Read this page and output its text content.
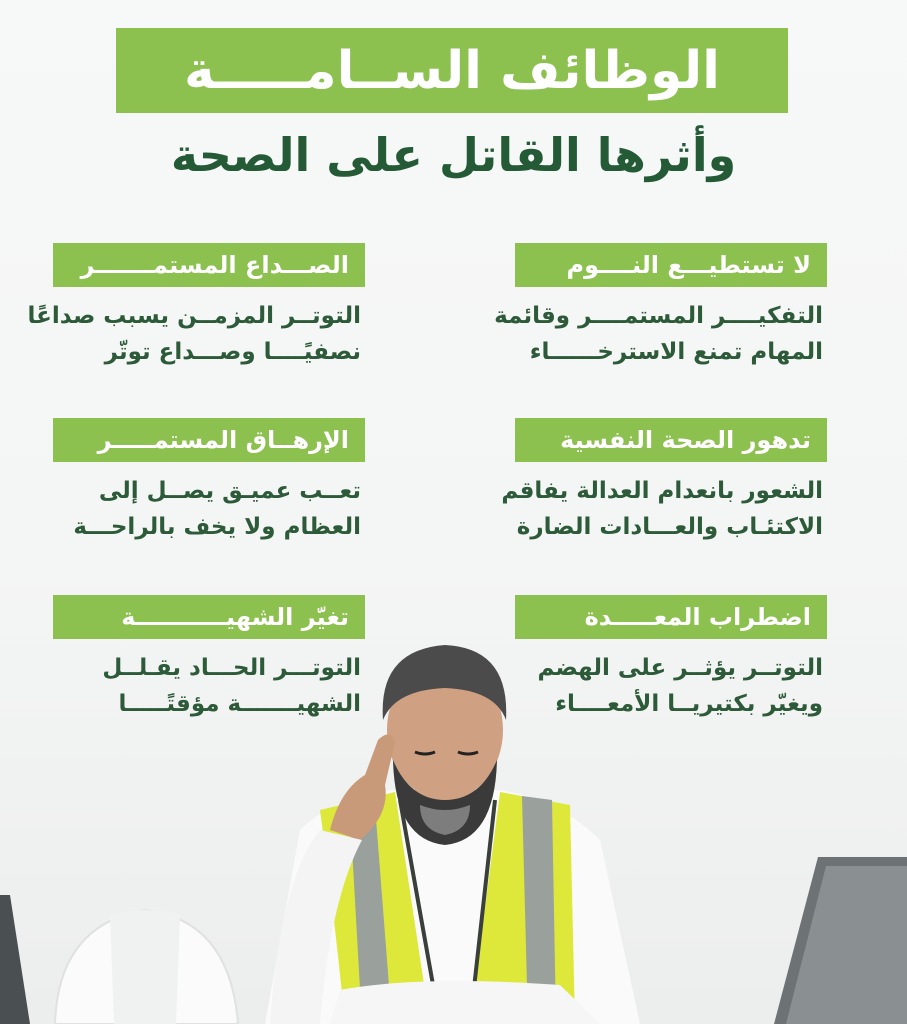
الوظائف الســامـــــة
وأثرها القاتل على الصحة
لا تستطيـــع النــــوم
التفكيــــر المستمــــر وقائمة
المهام تمنع الاسترخــــــاء
تدهور الصحة النفسية
الشعور بانعدام العدالة يفاقم
الاكتئـاب والعـــادات الضارة
اضطراب المعـــــدة
التوتــر يؤثــر على الهضم
ويغيّر بكتيريــا الأمعــــاء
الصـــداع المستمـــــــر
التوتــر المزمــن يسبب صداعًا
نصفيًــــا وصـــداع توتّر
الإرهــاق المستمـــــر
تعــب عميـق يصــل إلى
العظام ولا يخف بالراحـــة
تغيّر الشهيـــــــــــة
التوتـــر الحـــاد يقـلــل
الشهيـــــــة مؤقتًـــــا
